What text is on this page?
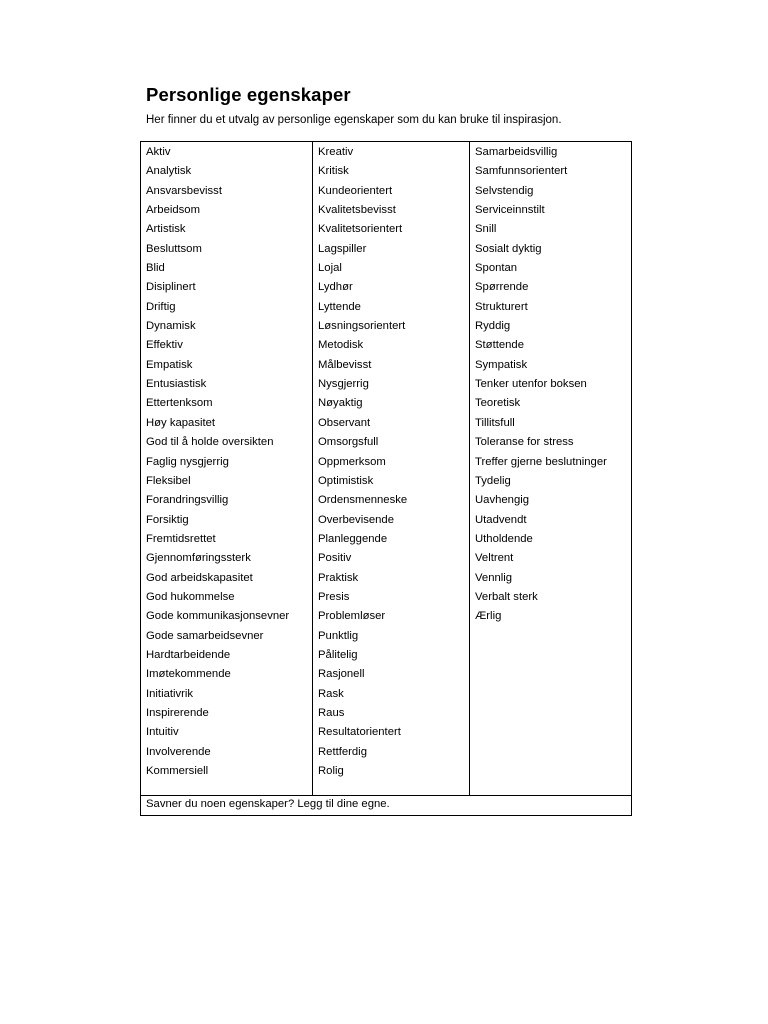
Personlige egenskaper

Her finner du et utvalg av personlige egenskaper som du kan bruke til inspirasjon.

Aktiv
Analytisk
Ansvarsbevisst
Arbeidsom
Artistisk
Besluttsom
Blid
Disiplinert
Driftig
Dynamisk
Effektiv
Empatisk
Entusiastisk
Ettertenksom
Høy kapasitet
God til å holde oversikten
Faglig nysgjerrig
Fleksibel
Forandringsvillig
Forsiktig
Fremtidsrettet
Gjennomføringssterk
God arbeidskapasitet
God hukommelse
Gode kommunikasjonsevner
Gode samarbeidsevner
Hardtarbeidende
Imøtekommende
Initiativrik
Inspirerende
Intuitiv
Involverende
Kommersiell

Kreativ
Kritisk
Kundeorientert
Kvalitetsbevisst
Kvalitetsorientert
Lagspiller
Lojal
Lydhør
Lyttende
Løsningsorientert
Metodisk
Målbevisst
Nysgjerrig
Nøyaktig
Observant
Omsorgsfull
Oppmerksom
Optimistisk
Ordensmenneske
Overbevisende
Planleggende
Positiv
Praktisk
Presis
Problemløser
Punktlig
Pålitelig
Rasjonell
Rask
Raus
Resultatorientert
Rettferdig
Rolig

Samarbeidsvillig
Samfunnsorientert
Selvstendig
Serviceinnstilt
Snill
Sosialt dyktig
Spontan
Spørrende
Strukturert
Ryddig
Støttende
Sympatisk
Tenker utenfor boksen
Teoretisk
Tillitsfull
Toleranse for stress
Treffer gjerne beslutninger
Tydelig
Uavhengig
Utadvendt
Utholdende
Veltrent
Vennlig
Verbalt sterk
Ærlig

Savner du noen egenskaper? Legg til dine egne.
